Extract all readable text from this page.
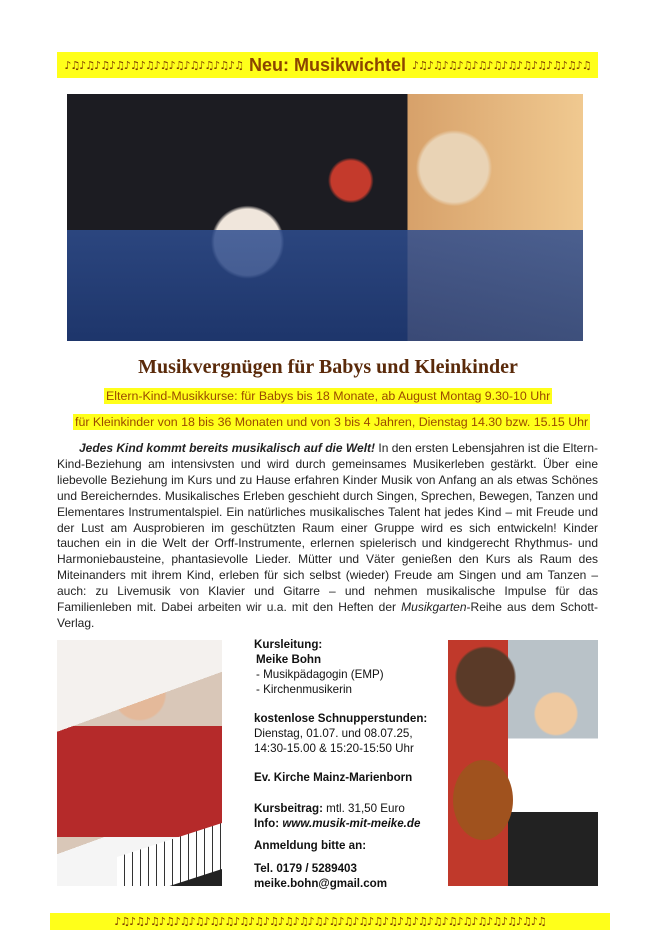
♪♫♪♫♪♫♪♫♪♫♪♫♪♫♪♫♪♫♪♫♪♫♪♫ Neu: Musikwichtel ♪♫♪♫♪♫♪♫♪♫♪♫♪♫♪♫♪♫♪♫♪♫♪♫
Musikvergnügen für Babys und Kleinkinder
Eltern-Kind-Musikkurse: für Babys bis 18 Monate, ab August Montag 9.30-10 Uhr
für Kleinkinder von 18 bis 36 Monaten und von 3 bis 4 Jahren, Dienstag 14.30 bzw. 15.15 Uhr

Jedes Kind kommt bereits musikalisch auf die Welt! In den ersten Lebensjahren ist die Eltern-Kind-Beziehung am intensivsten und wird durch gemeinsames Musikerleben gestärkt. Über eine liebevolle Beziehung im Kurs und zu Hause erfahren Kinder Musik von Anfang an als etwas Schönes und Bereicherndes. Musikalisches Erleben geschieht durch Singen, Sprechen, Bewegen, Tanzen und Elementares Instrumentalspiel. Ein natürliches musikalisches Talent hat jedes Kind – mit Freude und der Lust am Ausprobieren im geschützten Raum einer Gruppe wird es sich entwickeln! Kinder tauchen ein in die Welt der Orff-Instrumente, erlernen spielerisch und kindgerecht Rhythmus- und Harmoniebausteine, phantasievolle Lieder. Mütter und Väter genießen den Kurs als Raum des Miteinanders mit ihrem Kind, erleben für sich selbst (wieder) Freude am Singen und am Tanzen – auch: zu Livemusik von Klavier und Gitarre – und nehmen musikalische Impulse für das Familienleben mit. Dabei arbeiten wir u.a. mit den Heften der Musikgarten-Reihe aus dem Schott-Verlag.

Kursleitung:
Meike Bohn
- Musikpädagogin (EMP)
- Kirchenmusikerin
kostenlose Schnupperstunden:
Dienstag, 01.07. und 08.07.25,
14:30-15.00 & 15:20-15:50 Uhr
Ev. Kirche Mainz-Marienborn
Kursbeitrag: mtl. 31,50 Euro
Info: www.musik-mit-meike.de
Anmeldung bitte an:
Tel. 0179 / 5289403
meike.bohn@gmail.com
♪♫♪♫♪♫♪♫♪♫♪♫♪♫♪♫♪♫♪♫♪♫♪♫♪♫♪♫♪♫♪♫♪♫♪♫♪♫♪♫♪♫♪♫♪♫♪♫♪♫♪♫♪♫♪♫♪♫
